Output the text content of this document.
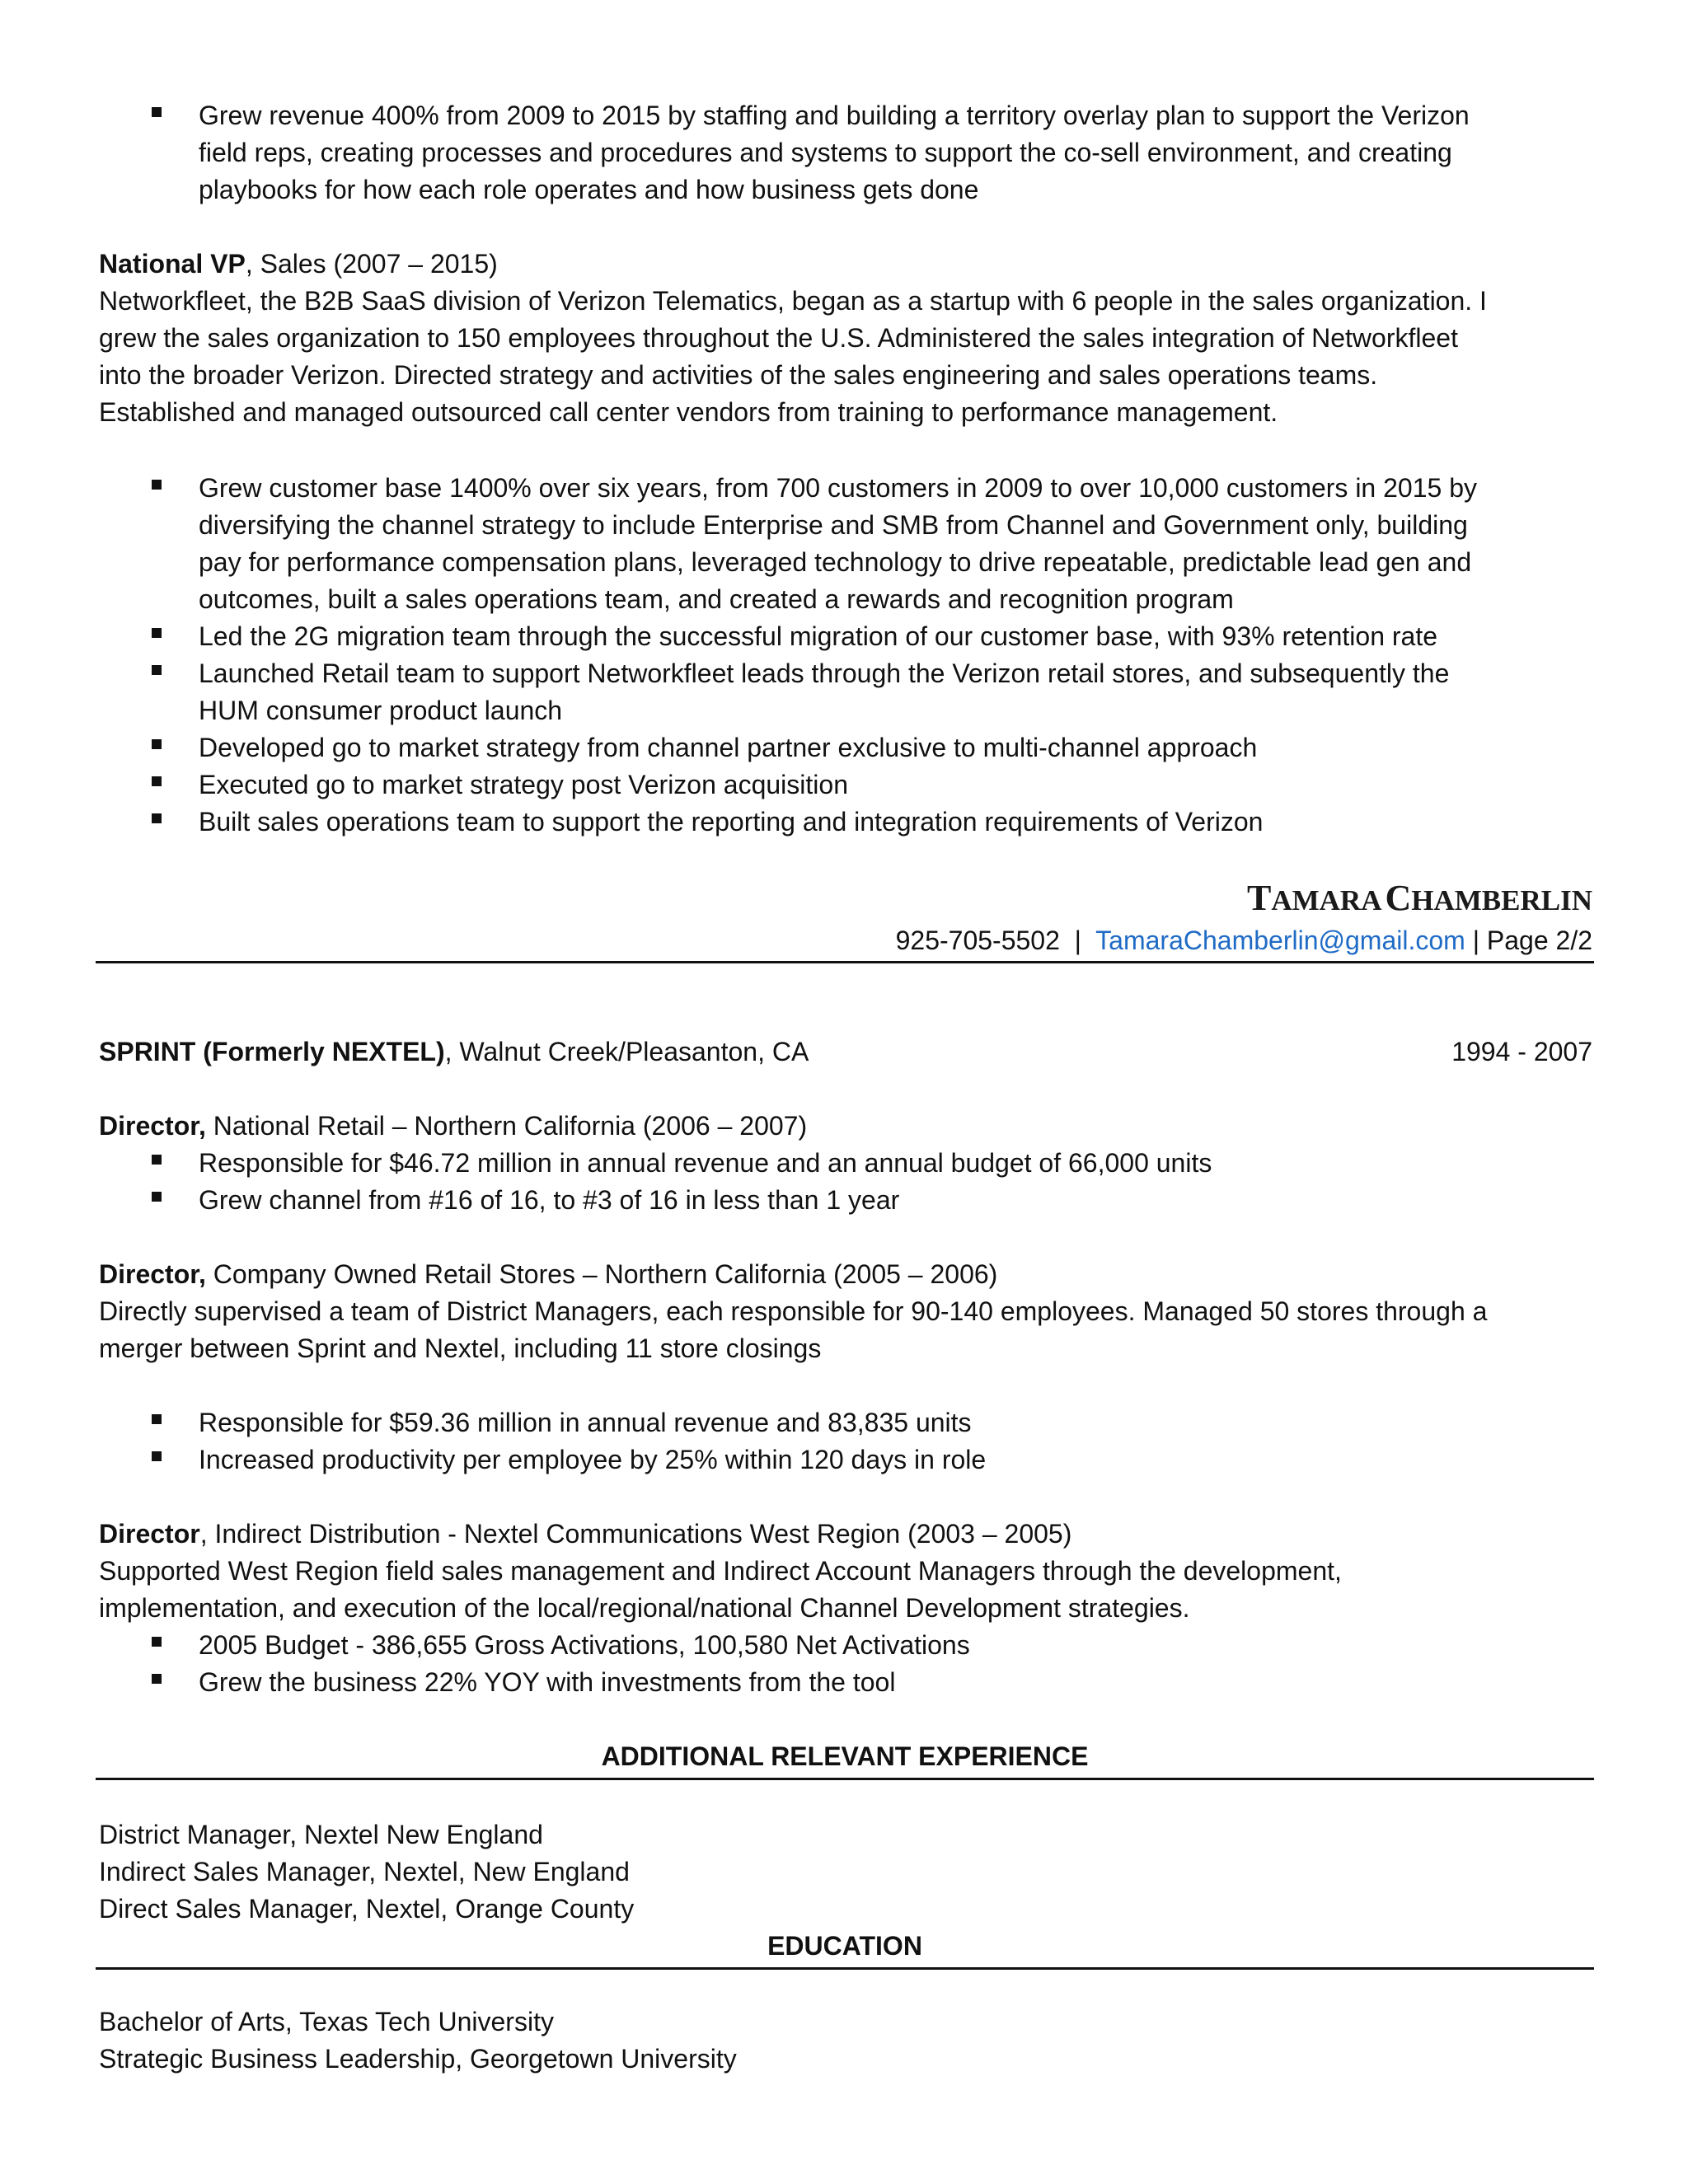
Grew revenue 400% from 2009 to 2015 by staffing and building a territory overlay plan to support the Verizon
field reps, creating processes and procedures and systems to support the co-sell environment, and creating
playbooks for how each role operates and how business gets done
National VP, Sales (2007 – 2015)
Networkfleet, the B2B SaaS division of Verizon Telematics, began as a startup with 6 people in the sales organization. I
grew the sales organization to 150 employees throughout the U.S. Administered the sales integration of Networkfleet
into the broader Verizon. Directed strategy and activities of the sales engineering and sales operations teams.
Established and managed outsourced call center vendors from training to performance management.
Grew customer base 1400% over six years, from 700 customers in 2009 to over 10,000 customers in 2015 by
diversifying the channel strategy to include Enterprise and SMB from Channel and Government only, building
pay for performance compensation plans, leveraged technology to drive repeatable, predictable lead gen and
outcomes, built a sales operations team, and created a rewards and recognition program
Led the 2G migration team through the successful migration of our customer base, with 93% retention rate
Launched Retail team to support Networkfleet leads through the Verizon retail stores, and subsequently the
HUM consumer product launch
Developed go to market strategy from channel partner exclusive to multi-channel approach
Executed go to market strategy post Verizon acquisition
Built sales operations team to support the reporting and integration requirements of Verizon
TAMARA CHAMBERLIN
925-705-5502  |  TamaraChamberlin@gmail.com | Page 2/2
SPRINT (Formerly NEXTEL), Walnut Creek/Pleasanton, CA	1994 - 2007
Director, National Retail – Northern California (2006 – 2007)
Responsible for $46.72 million in annual revenue and an annual budget of 66,000 units
Grew channel from #16 of 16, to #3 of 16 in less than 1 year
Director, Company Owned Retail Stores – Northern California (2005 – 2006)
Directly supervised a team of District Managers, each responsible for 90-140 employees. Managed 50 stores through a
merger between Sprint and Nextel, including 11 store closings
Responsible for $59.36 million in annual revenue and 83,835 units
Increased productivity per employee by 25% within 120 days in role
Director, Indirect Distribution - Nextel Communications West Region (2003 – 2005)
Supported West Region field sales management and Indirect Account Managers through the development,
implementation, and execution of the local/regional/national Channel Development strategies.
2005 Budget - 386,655 Gross Activations, 100,580 Net Activations
Grew the business 22% YOY with investments from the tool
ADDITIONAL RELEVANT EXPERIENCE
District Manager, Nextel New England
Indirect Sales Manager, Nextel, New England
Direct Sales Manager, Nextel, Orange County
EDUCATION
Bachelor of Arts, Texas Tech University
Strategic Business Leadership, Georgetown University
